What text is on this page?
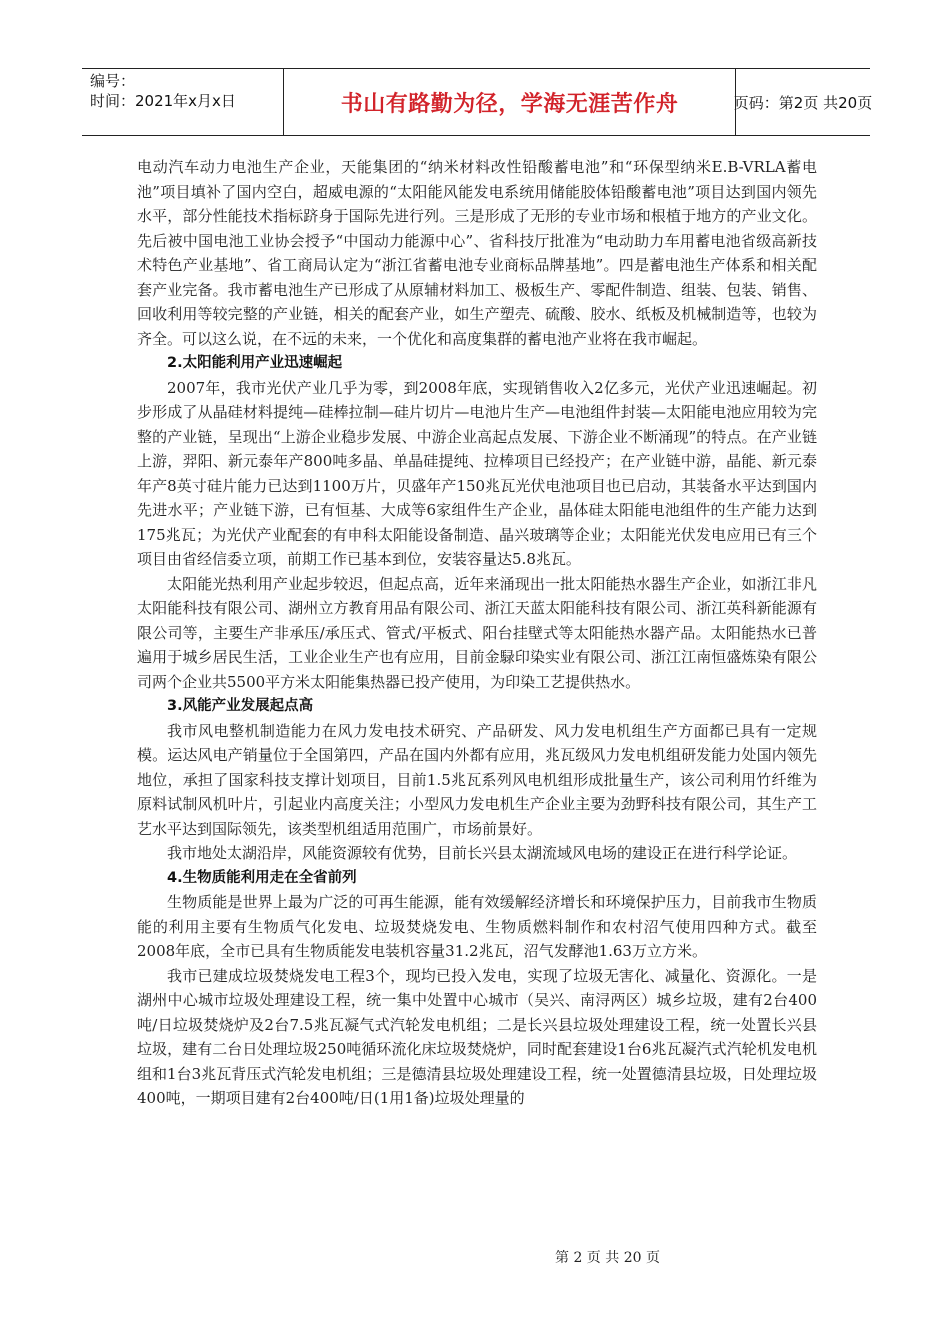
编号：
时间：2021年x月x日	书山有路勤为径，学海无涯苦作舟	页码：第2页 共20页

电动汽车动力电池生产企业，天能集团的“纳米材料改性铅酸蓄电池”和“环保型纳米E.B-VRLA蓄电池”项目填补了国内空白，超威电源的“太阳能风能发电系统用储能胶体铅酸蓄电池”项目达到国内领先水平，部分性能技术指标跻身于国际先进行列。三是形成了无形的专业市场和根植于地方的产业文化。先后被中国电池工业协会授予“中国动力能源中心”、省科技厅批准为“电动助力车用蓄电池省级高新技术特色产业基地”、省工商局认定为“浙江省蓄电池专业商标品牌基地”。四是蓄电池生产体系和相关配套产业完备。我市蓄电池生产已形成了从原辅材料加工、极板生产、零配件制造、组装、包装、销售、回收利用等较完整的产业链，相关的配套产业，如生产塑壳、硫酸、胶水、纸板及机械制造等，也较为齐全。可以这么说，在不远的未来，一个优化和高度集群的蓄电池产业将在我市崛起。

2.太阳能利用产业迅速崛起

2007年，我市光伏产业几乎为零，到2008年底，实现销售收入2亿多元，光伏产业迅速崛起。初步形成了从晶硅材料提纯—硅棒拉制—硅片切片—电池片生产—电池组件封装—太阳能电池应用较为完整的产业链，呈现出“上游企业稳步发展、中游企业高起点发展、下游企业不断涌现”的特点。在产业链上游，羿阳、新元泰年产800吨多晶、单晶硅提纯、拉棒项目已经投产；在产业链中游，晶能、新元泰年产8英寸硅片能力已达到1100万片，贝盛年产150兆瓦光伏电池项目也已启动，其装备水平达到国内先进水平；产业链下游，已有恒基、大成等6家组件生产企业，晶体硅太阳能电池组件的生产能力达到175兆瓦；为光伏产业配套的有申科太阳能设备制造、晶兴玻璃等企业；太阳能光伏发电应用已有三个项目由省经信委立项，前期工作已基本到位，安装容量达5.8兆瓦。

太阳能光热利用产业起步较迟，但起点高，近年来涌现出一批太阳能热水器生产企业，如浙江非凡太阳能科技有限公司、湖州立方教育用品有限公司、浙江天蓝太阳能科技有限公司、浙江英科新能源有限公司等，主要生产非承压/承压式、管式/平板式、阳台挂壁式等太阳能热水器产品。太阳能热水已普遍用于城乡居民生活，工业企业生产也有应用，目前金騄印染实业有限公司、浙江江南恒盛炼染有限公司两个企业共5500平方米太阳能集热器已投产使用，为印染工艺提供热水。

3.风能产业发展起点高

我市风电整机制造能力在风力发电技术研究、产品研发、风力发电机组生产方面都已具有一定规模。运达风电产销量位于全国第四，产品在国内外都有应用，兆瓦级风力发电机组研发能力处国内领先地位，承担了国家科技支撑计划项目，目前1.5兆瓦系列风电机组形成批量生产，该公司利用竹纤维为原料试制风机叶片，引起业内高度关注；小型风力发电机生产企业主要为劲野科技有限公司，其生产工艺水平达到国际领先，该类型机组适用范围广，市场前景好。

我市地处太湖沿岸，风能资源较有优势，目前长兴县太湖流域风电场的建设正在进行科学论证。

4.生物质能利用走在全省前列

生物质能是世界上最为广泛的可再生能源，能有效缓解经济增长和环境保护压力，目前我市生物质能的利用主要有生物质气化发电、垃圾焚烧发电、生物质燃料制作和农村沼气使用四种方式。截至2008年底，全市已具有生物质能发电装机容量31.2兆瓦，沼气发酵池1.63万立方米。

我市已建成垃圾焚烧发电工程3个，现均已投入发电，实现了垃圾无害化、减量化、资源化。一是湖州中心城市垃圾处理建设工程，统一集中处置中心城市（吴兴、南浔两区）城乡垃圾，建有2台400吨/日垃圾焚烧炉及2台7.5兆瓦凝气式汽轮发电机组；二是长兴县垃圾处理建设工程，统一处置长兴县垃圾，建有二台日处理垃圾250吨循环流化床垃圾焚烧炉，同时配套建设1台6兆瓦凝汽式汽轮机发电机组和1台3兆瓦背压式汽轮发电机组；三是德清县垃圾处理建设工程，统一处置德清县垃圾，日处理垃圾400吨，一期项目建有2台400吨/日(1用1备)垃圾处理量的

第 2 页 共 20 页
